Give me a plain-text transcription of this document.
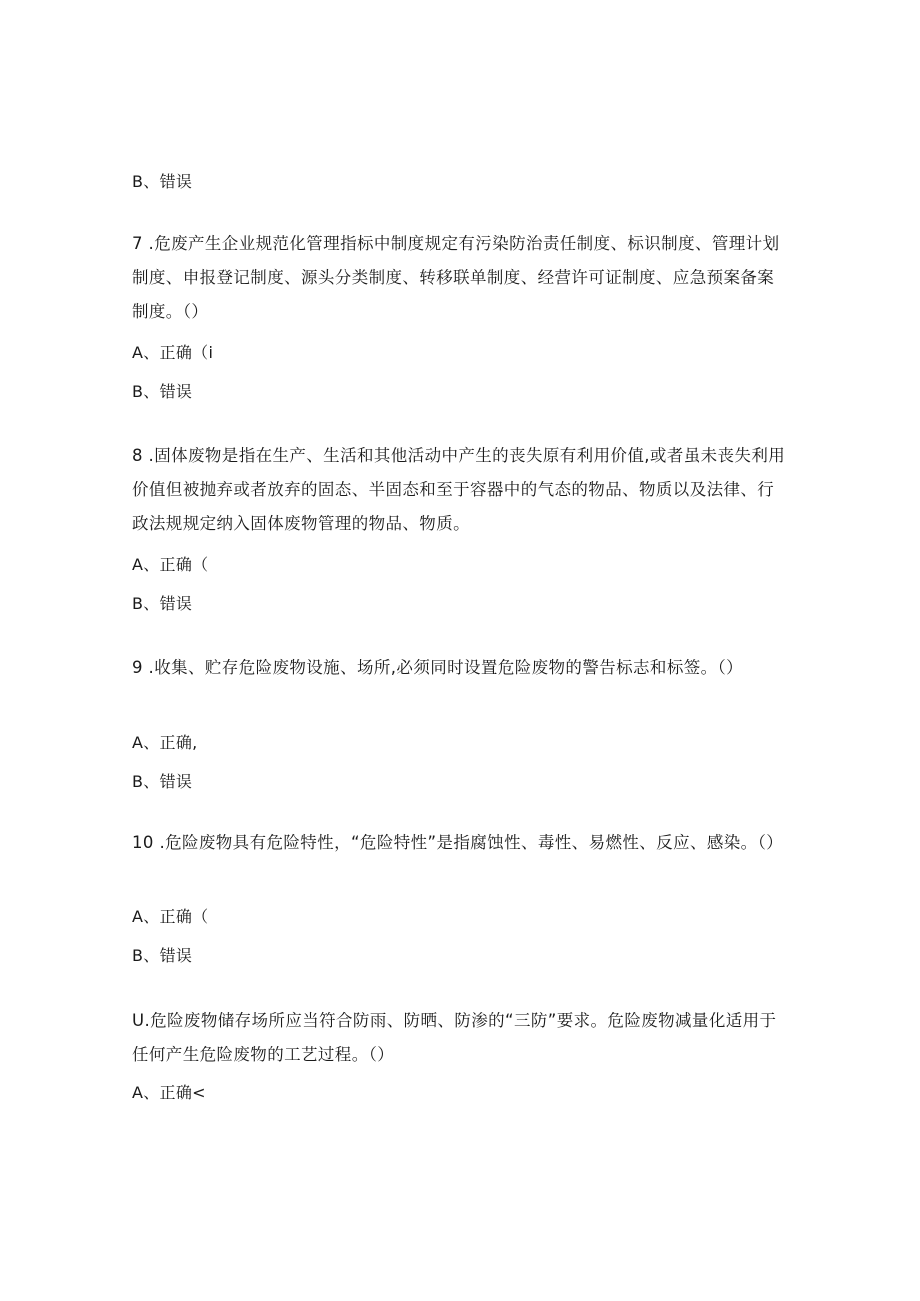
B、错误
7 .危废产生企业规范化管理指标中制度规定有污染防治责任制度、标识制度、管理计划制度、申报登记制度、源头分类制度、转移联单制度、经营许可证制度、应急预案备案制度。（）
A、正确（i
B、错误
8 .固体废物是指在生产、生活和其他活动中产生的丧失原有利用价值,或者虽未丧失利用价值但被抛弃或者放弃的固态、半固态和至于容器中的气态的物品、物质以及法律、行政法规规定纳入固体废物管理的物品、物质。
A、正确（
B、错误
9 .收集、贮存危险废物设施、场所,必须同时设置危险废物的警告标志和标签。（）
A、正确,
B、错误
10 .危险废物具有危险特性，“危险特性”是指腐蚀性、毒性、易燃性、反应、感染。（）
A、正确（
B、错误
U.危险废物储存场所应当符合防雨、防晒、防渗的“三防”要求。危险废物减量化适用于任何产生危险废物的工艺过程。（）
A、正确<
